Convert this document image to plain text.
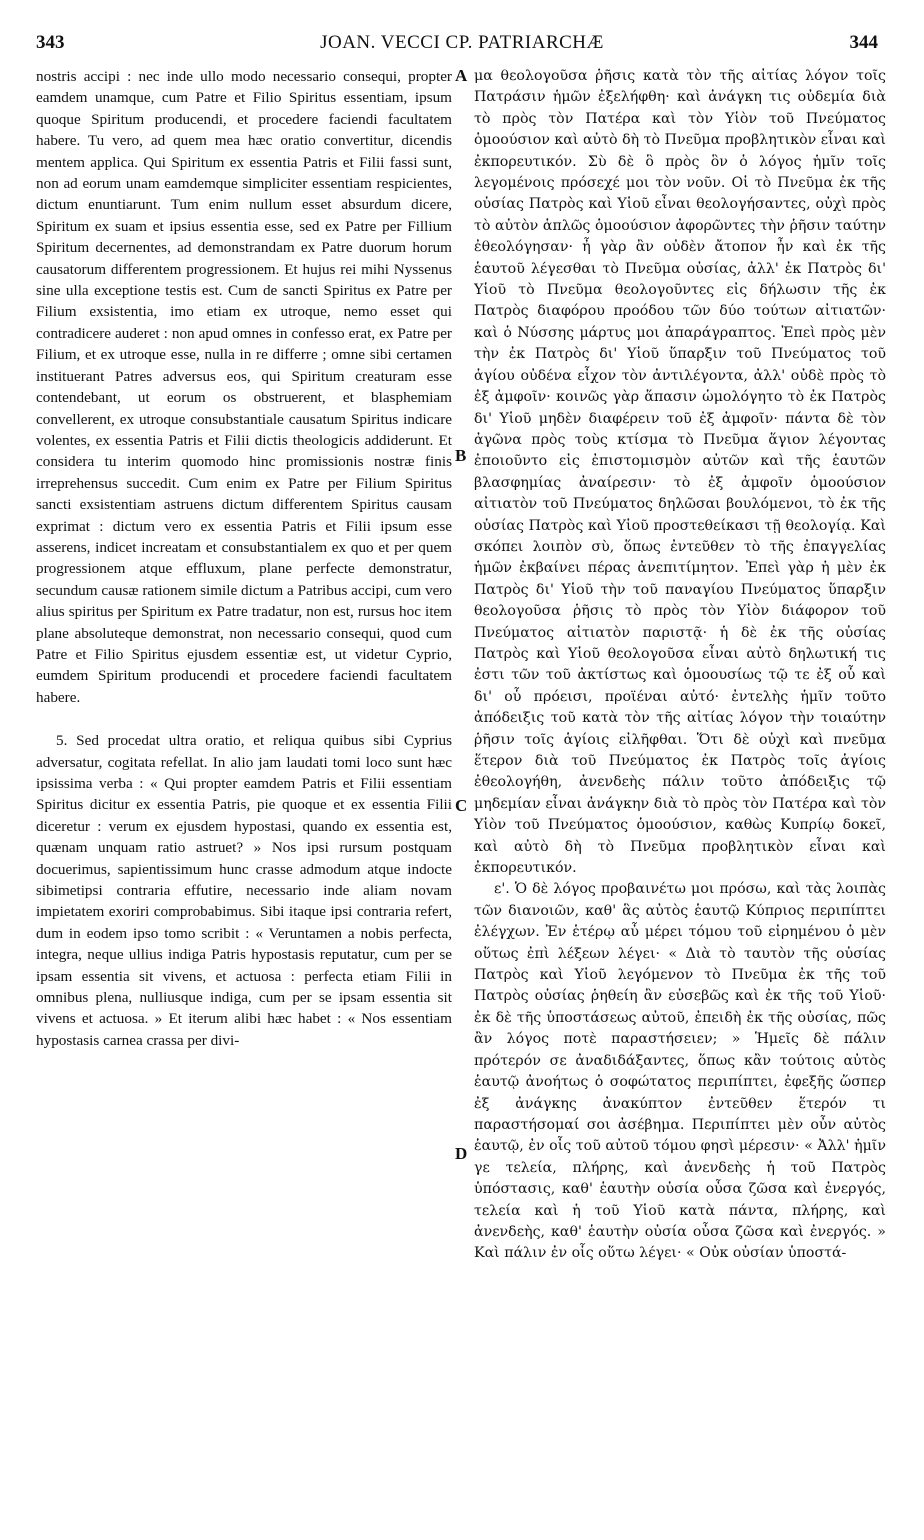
343	JOAN. VECCI CP. PATRIARCHÆ	344

nostris accipi : nec inde ullo modo necessario consequi, propter eamdem unamque, cum Patre et Filio Spiritus essentiam, ipsum quoque Spiritum producendi, et procedere faciendi facultatem habere. Tu vero, ad quem mea hæc oratio convertitur, dicendis mentem applica. Qui Spiritum ex essentia Patris et Filii fassi sunt, non ad eorum unam eamdemque simpliciter essentiam respicientes, dictum enuntiarunt. Tum enim nullum esset absurdum dicere, Spiritum ex suam et ipsius essentia esse, sed ex Patre per Fillium Spiritum decernentes, ad demonstrandam ex Patre duorum horum causatorum differentem progressionem. Et hujus rei mihi Nyssenus sine ulla exceptione testis est. Cum de sancti Spiritus ex Patre per Filium exsistentia, imo etiam ex utroque, nemo esset qui contradicere auderet : non apud omnes in confesso erat, ex Patre per Filium, et ex utroque esse, nulla in re differre ; omne sibi certamen instituerant Patres adversus eos, qui Spiritum creaturam esse contendebant, ut eorum os obstruerent, et blasphemiam convellerent, ex utroque consubstantiale causatum Spiritus indicare volentes, ex essentia Patris et Filii dictis theologicis addiderunt. Et considera tu interim quomodo hinc promissionis nostræ finis irreprehensus succedit. Cum enim ex Patre per Filium Spiritus sancti exsistentiam astruens dictum differentem Spiritus causam exprimat : dictum vero ex essentia Patris et Filii ipsum esse asserens, indicet increatam et consubstantialem ex quo et per quem progressionem atque effluxum, plane perfecte demonstratur, secundum causæ rationem simile dictum a Patribus accipi, cum vero alius spiritus per Spiritum ex Patre tradatur, non est, rursus hoc item plane absoluteque demonstrat, non necessario consequi, quod cum Patre et Filio Spiritus ejusdem essentiæ est, ut videtur Cyprio, eumdem Spiritum producendi et procedere faciendi facultatem habere.

5. Sed procedat ultra oratio, et reliqua quibus sibi Cyprius adversatur, cogitata refellat. In alio jam laudati tomi loco sunt hæc ipsissima verba : « Qui propter eamdem Patris et Filii essentiam Spiritus dicitur ex essentia Patris, pie quoque et ex essentia Filii diceretur : verum ex ejusdem hypostasi, quando ex essentia est, quænam unquam ratio astruet? » Nos ipsi rursum postquam docuerimus, sapientissimum hunc crasse admodum atque indocte sibimetipsi contraria effutire, necessario inde aliam novam impietatem exoriri comprobabimus. Sibi itaque ipsi contraria refert, dum in eodem ipso tomo scribit : « Veruntamen a nobis perfecta, integra, neque ullius indiga Patris hypostasis reputatur, cum per se ipsam essentia sit vivens, et actuosa : perfecta etiam Filii in omnibus plena, nulliusque indiga, cum per se ipsam essentia sit vivens et actuosa. » Et iterum alibi hæc habet : « Nos essentiam hypostasis carnea crassa per divi-

μα θεολογοῦσα ῥῆσις κατὰ τὸν τῆς αἰτίας λόγον τοῖς Πατράσιν ἡμῶν ἐξελήφθη· καὶ ἀνάγκη τις οὐδεμία διὰ τὸ πρὸς τὸν Πατέρα καὶ τὸν Υἱὸν τοῦ Πνεύματος ὁμοούσιον καὶ αὐτὸ δὴ τὸ Πνεῦμα προβλητικὸν εἶναι καὶ ἐκπορευτικόν. Σὺ δὲ ὃ πρὸς ὃν ὁ λόγος ἡμῖν τοῖς λεγομένοις πρόσεχέ μοι τὸν νοῦν. Οἱ τὸ Πνεῦμα ἐκ τῆς οὐσίας Πατρὸς καὶ Υἱοῦ εἶναι θεολογήσαντες, οὐχὶ πρὸς τὸ αὐτὸν ἁπλῶς ὁμοούσιον ἀφορῶντες τὴν ῥῆσιν ταύτην ἐθεολόγησαν· ἦ γὰρ ἂν οὐδὲν ἄτοπον ἦν καὶ ἐκ τῆς ἑαυτοῦ λέγεσθαι τὸ Πνεῦμα οὐσίας, ἀλλ' ἐκ Πατρὸς δι' Υἱοῦ τὸ Πνεῦμα θεολογοῦντες εἰς δήλωσιν τῆς ἐκ Πατρὸς διαφόρου προόδου τῶν δύο τούτων αἰτιατῶν· καὶ ὁ Νύσσης μάρτυς μοι ἀπαράγραπτος. Ἐπεὶ πρὸς μὲν τὴν ἐκ Πατρὸς δι' Υἱοῦ ὕπαρξιν τοῦ Πνεύματος τοῦ ἁγίου οὐδένα εἶχον τὸν ἀντιλέγοντα, ἀλλ' οὐδὲ πρὸς τὸ ἐξ ἀμφοῖν· κοινῶς γὰρ ἅπασιν ὡμολόγητο τὸ ἐκ Πατρὸς δι' Υἱοῦ μηδὲν διαφέρειν τοῦ ἐξ ἀμφοῖν· πάντα δὲ τὸν ἀγῶνα πρὸς τοὺς κτίσμα τὸ Πνεῦμα ἅγιον λέγοντας ἐποιοῦντο εἰς ἐπιστομισμὸν αὐτῶν καὶ τῆς ἑαυτῶν βλασφημίας ἀναίρεσιν· τὸ ἐξ ἀμφοῖν ὁμοούσιον αἰτιατὸν τοῦ Πνεύματος δηλῶσαι βουλόμενοι, τὸ ἐκ τῆς οὐσίας Πατρὸς καὶ Υἱοῦ προστεθείκασι τῇ θεολογίᾳ. Καὶ σκόπει λοιπὸν σὺ, ὅπως ἐντεῦθεν τὸ τῆς ἐπαγγελίας ἡμῶν ἐκβαίνει πέρας ἀνεπιτίμητον. Ἐπεὶ γὰρ ἡ μὲν ἐκ Πατρὸς δι' Υἱοῦ τὴν τοῦ παναγίου Πνεύματος ὕπαρξιν θεολογοῦσα ῥῆσις τὸ πρὸς τὸν Υἱὸν διάφορον τοῦ Πνεύματος αἰτιατὸν παριστᾷ· ἡ δὲ ἐκ τῆς οὐσίας Πατρὸς καὶ Υἱοῦ θεολογοῦσα εἶναι αὐτὸ δηλωτική τις ἐστι τῶν τοῦ ἀκτίστως καὶ ὁμοουσίως τῷ τε ἐξ οὗ καὶ δι' οὗ πρόεισι, προϊέναι αὐτό· ἐντελὴς ἡμῖν τοῦτο ἀπόδειξις τοῦ κατὰ τὸν τῆς αἰτίας λόγον τὴν τοιαύτην ῥῆσιν τοῖς ἁγίοις εἰλῆφθαι. Ὅτι δὲ οὐχὶ καὶ πνεῦμα ἕτερον διὰ τοῦ Πνεύματος ἐκ Πατρὸς τοῖς ἁγίοις ἐθεολογήθη, ἀνενδεὴς πάλιν τοῦτο ἀπόδειξις τῷ μηδεμίαν εἶναι ἀνάγκην διὰ τὸ πρὸς τὸν Πατέρα καὶ τὸν Υἱὸν τοῦ Πνεύματος ὁμοούσιον, καθὼς Κυπρίῳ δοκεῖ, καὶ αὐτὸ δὴ τὸ Πνεῦμα προβλητικὸν εἶναι καὶ ἐκπορευτικόν.

ε'. Ὁ δὲ λόγος προβαινέτω μοι πρόσω, καὶ τὰς λοιπὰς τῶν διανοιῶν, καθ' ἃς αὐτὸς ἑαυτῷ Κύπριος περιπίπτει ἐλέγχων. Ἐν ἑτέρῳ αὖ μέρει τόμου τοῦ εἰρημένου ὁ μὲν οὕτως ἐπὶ λέξεων λέγει· « Διὰ τὸ ταυτὸν τῆς οὐσίας Πατρὸς καὶ Υἱοῦ λεγόμενον τὸ Πνεῦμα ἐκ τῆς τοῦ Πατρὸς οὐσίας ῥηθείη ἂν εὐσεβῶς καὶ ἐκ τῆς τοῦ Υἱοῦ· ἐκ δὲ τῆς ὑποστάσεως αὐτοῦ, ἐπειδὴ ἐκ τῆς οὐσίας, πῶς ἂν λόγος ποτὲ παραστήσειεν; » Ἡμεῖς δὲ πάλιν πρότερόν σε ἀναδιδάξαντες, ὅπως κἂν τούτοις αὐτὸς ἑαυτῷ ἀνοήτως ὁ σοφώτατος περιπίπτει, ἐφεξῆς ὥσπερ ἐξ ἀνάγκης ἀνακύπτον ἐντεῦθεν ἕτερόν τι παραστήσομαί σοι ἀσέβημα. Περιπίπτει μὲν οὖν αὐτὸς ἑαυτῷ, ἐν οἷς τοῦ αὐτοῦ τόμου φησὶ μέρεσιν· « Ἀλλ' ἡμῖν γε τελεία, πλήρης, καὶ ἀνενδεὴς ἡ τοῦ Πατρὸς ὑπόστασις, καθ' ἑαυτὴν οὐσία οὖσα ζῶσα καὶ ἐνεργός, τελεία καὶ ἡ τοῦ Υἱοῦ κατὰ πάντα, πλήρης, καὶ ἀνενδεὴς, καθ' ἑαυτὴν οὐσία οὖσα ζῶσα καὶ ἐνεργός. » Καὶ πάλιν ἐν οἷς οὕτω λέγει· « Οὐκ οὐσίαν ὑποστά-

A
B
C
D
